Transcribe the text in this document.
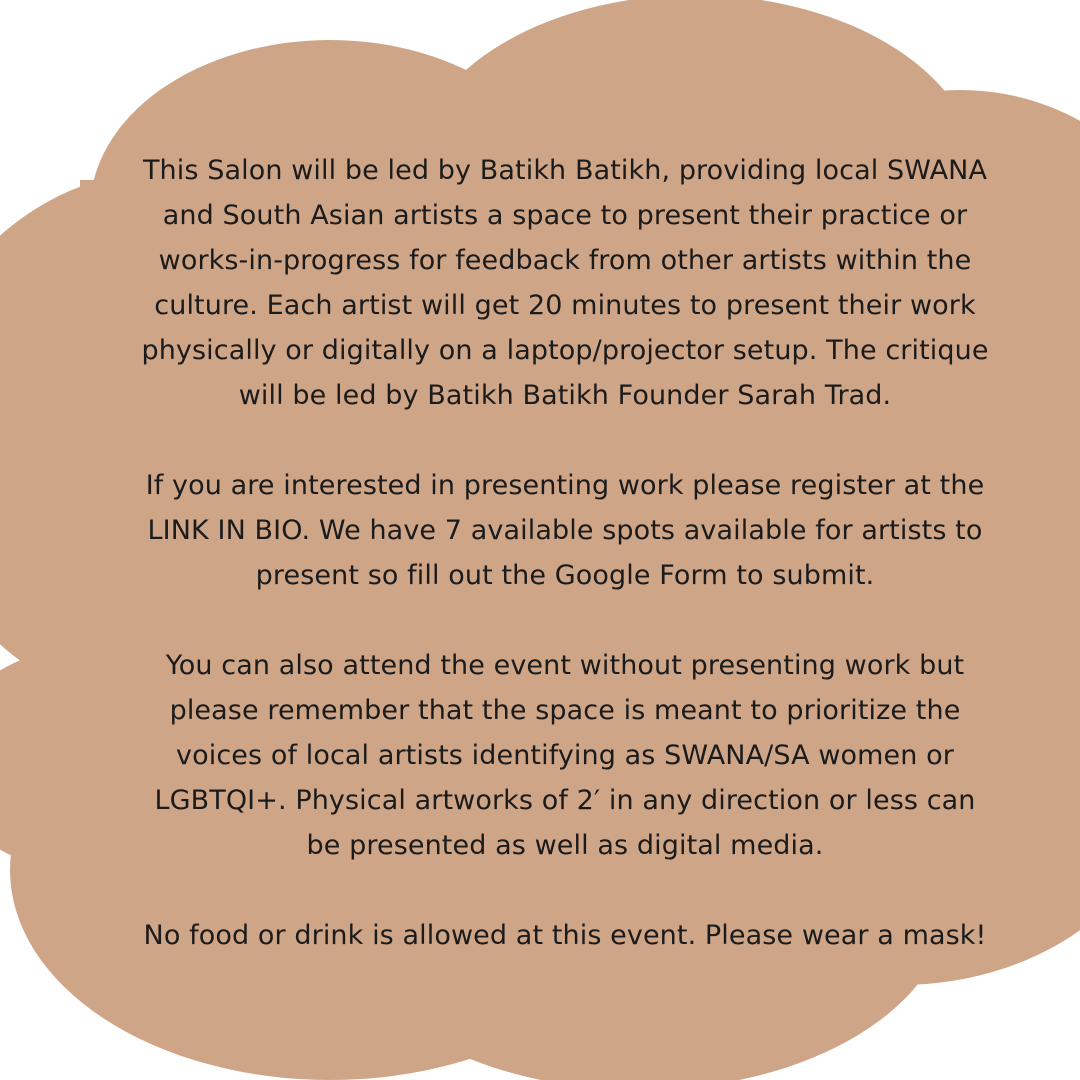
This Salon will be led by Batikh Batikh, providing local SWANA
and South Asian artists a space to present their practice or
works-in-progress for feedback from other artists within the
culture. Each artist will get 20 minutes to present their work
physically or digitally on a laptop/projector setup. The critique
will be led by Batikh Batikh Founder Sarah Trad.

If you are interested in presenting work please register at the
LINK IN BIO. We have 7 available spots available for artists to
present so fill out the Google Form to submit.

You can also attend the event without presenting work but
please remember that the space is meant to prioritize the
voices of local artists identifying as SWANA/SA women or
LGBTQI+. Physical artworks of 2′ in any direction or less can
be presented as well as digital media.

No food or drink is allowed at this event. Please wear a mask!
